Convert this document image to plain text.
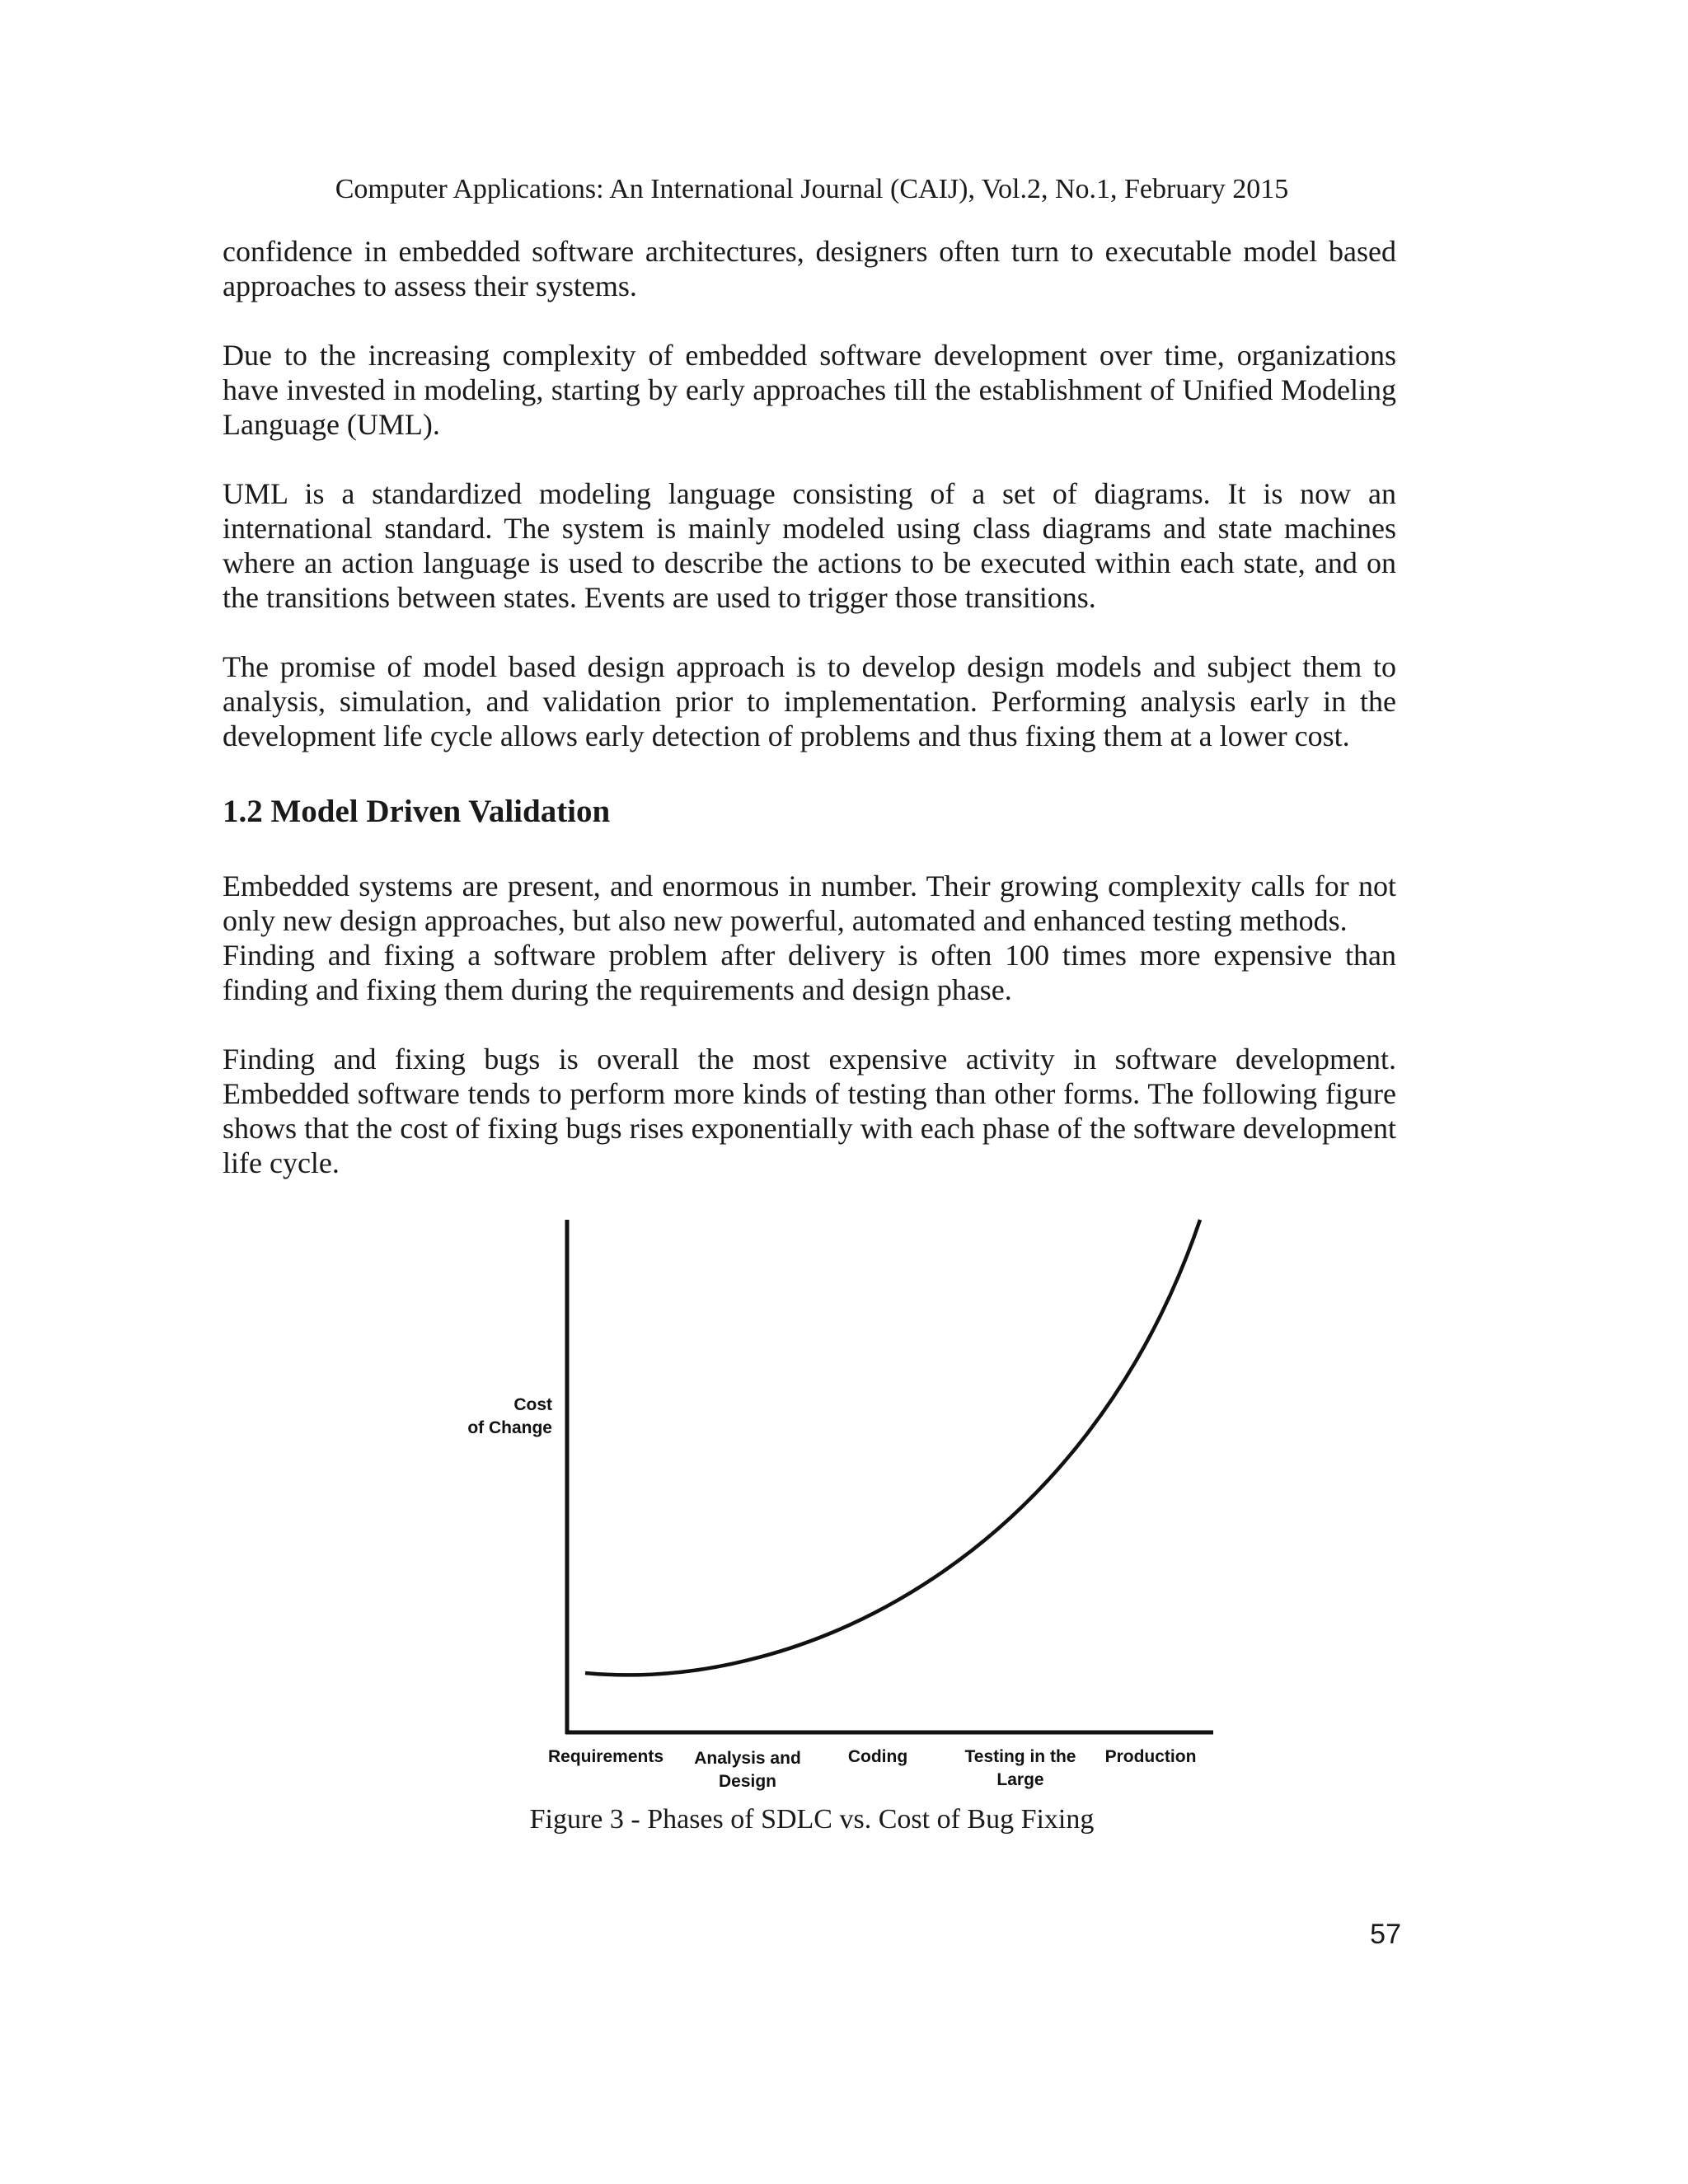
Computer Applications: An International Journal (CAIJ), Vol.2, No.1, February 2015

confidence in embedded software architectures, designers often turn to executable model based approaches to assess their systems.

Due to the increasing complexity of embedded software development over time, organizations have invested in modeling, starting by early approaches till the establishment of Unified Modeling Language (UML).

UML is a standardized modeling language consisting of a set of diagrams. It is now an international standard. The system is mainly modeled using class diagrams and state machines where an action language is used to describe the actions to be executed within each state, and on the transitions between states. Events are used to trigger those transitions.

The promise of model based design approach is to develop design models and subject them to analysis, simulation, and validation prior to implementation. Performing analysis early in the development life cycle allows early detection of problems and thus fixing them at a lower cost.

1.2 Model Driven Validation

Embedded systems are present, and enormous in number. Their growing complexity calls for not only new design approaches, but also new powerful, automated and enhanced testing methods.

Finding and fixing a software problem after delivery is often 100 times more expensive than finding and fixing them during the requirements and design phase.

Finding and fixing bugs is overall the most expensive activity in software development. Embedded software tends to perform more kinds of testing than other forms. The following figure shows that the cost of fixing bugs rises exponentially with each phase of the software development life cycle.

Cost
of Change
Requirements Analysis and
Design
Coding	Testing in the
Large
Production
Figure 3 - Phases of SDLC vs. Cost of Bug Fixing
57
